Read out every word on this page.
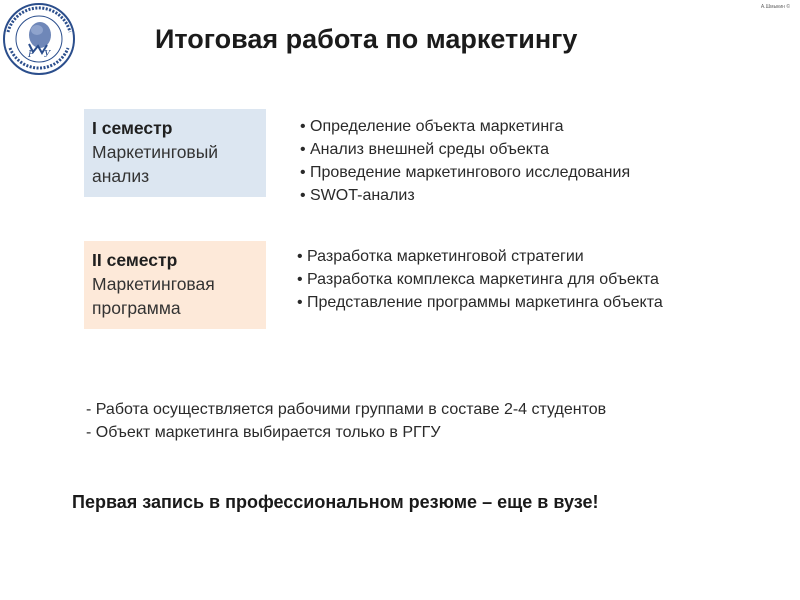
Р У
A.Шмыкин ©
Итоговая работа по маркетингу
I семестр
Маркетинговый
анализ
• Определение объекта маркетинга
• Анализ внешней среды объекта
• Проведение маркетингового исследования
• SWOT-анализ
II семестр
Маркетинговая
программа
• Разработка маркетинговой стратегии
• Разработка комплекса маркетинга для объекта
• Представление программы маркетинга объекта
- Работа осуществляется рабочими группами в составе 2-4 студентов
- Объект маркетинга выбирается только в РГГУ
Первая запись в профессиональном резюме – еще в вузе!
